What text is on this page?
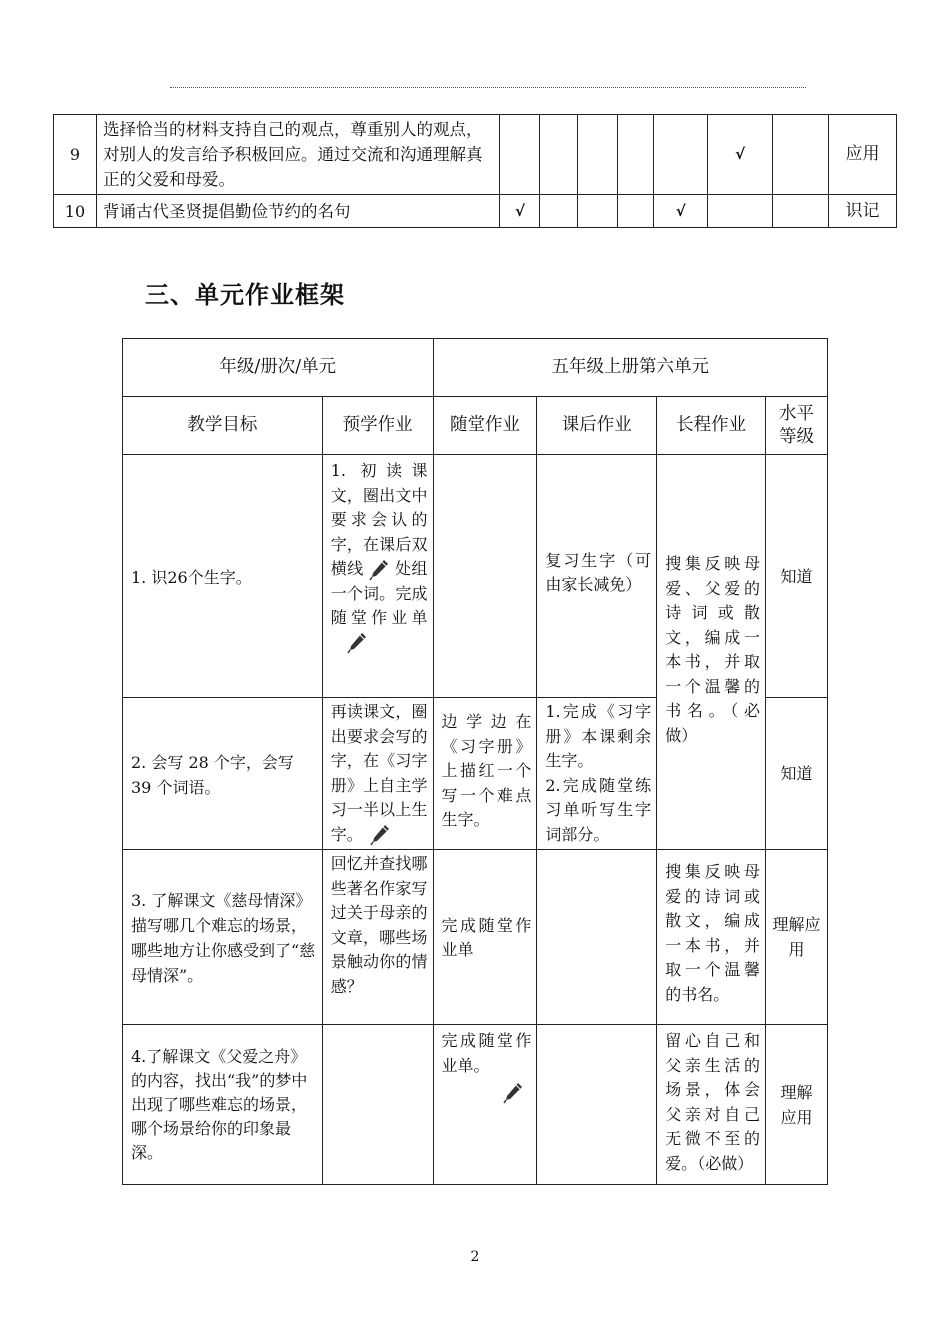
9	选择恰当的材料支持自己的观点，尊重别人的观点，对别人的发言给予积极回应。通过交流和沟通理解真正的父爱和母爱。						√		应用
10	背诵古代圣贤提倡勤俭节约的名句	√				√			识记
三、单元作业框架
年级/册次/单元		五年级上册第六单元			
教学目标	预学作业	随堂作业	课后作业	长程作业	水平等级
1. 识26个生字。	1. 初读课文，圈出文中要求会认的字，在课后双横线 处组一个词。完成随堂作业单		复习生字（可由家长减免）	搜集反映母爱、父爱的诗词或散文，编成一本书，并取一个温馨的书名。（必做）	知道
2. 会写 28 个字，会写 39 个词语。	再读课文，圈出要求会写的字，在《习字册》上自主学习一半以上生字。	边学边在《习字册》上描红一个写一个难点生字。	1.完成《习字册》本课剩余生字。
2.完成随堂练习单听写生字词部分。		知道
3. 了解课文《慈母情深》描写哪几个难忘的场景，哪些地方让你感受到了“慈母情深”。	回忆并查找哪些著名作家写过关于母亲的文章，哪些场景触动你的情感？	完成随堂作业单		搜集反映母爱的诗词或散文，编成一本书，并取一个温馨的书名。	理解应用
4.了解课文《父爱之舟》的内容，找出“我”的梦中出现了哪些难忘的场景，哪个场景给你的印象最深。		完成随堂作业单。		留心自己和父亲生活的场景，体会父亲对自己无微不至的爱。（必做）	理解应用
2
